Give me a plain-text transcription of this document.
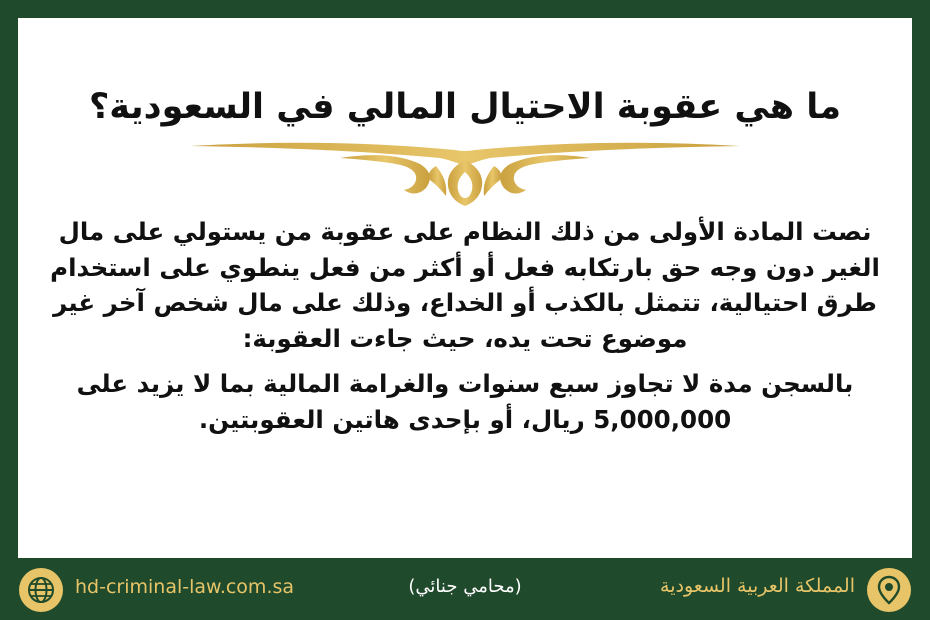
ما هي عقوبة الاحتيال المالي في السعودية؟

نصت المادة الأولى من ذلك النظام على عقوبة من يستولي على مال الغير دون وجه حق بارتكابه فعل أو أكثر من فعل ينطوي على استخدام طرق احتيالية، تتمثل بالكذب أو الخداع، وذلك على مال شخص آخر غير موضوع تحت يده، حيث جاءت العقوبة:

بالسجن مدة لا تجاوز سبع سنوات والغرامة المالية بما لا يزيد على 5,000,000 ريال، أو بإحدى هاتين العقوبتين.

hd-criminal-law.com.sa	(محامي جنائي)	المملكة العربية السعودية
